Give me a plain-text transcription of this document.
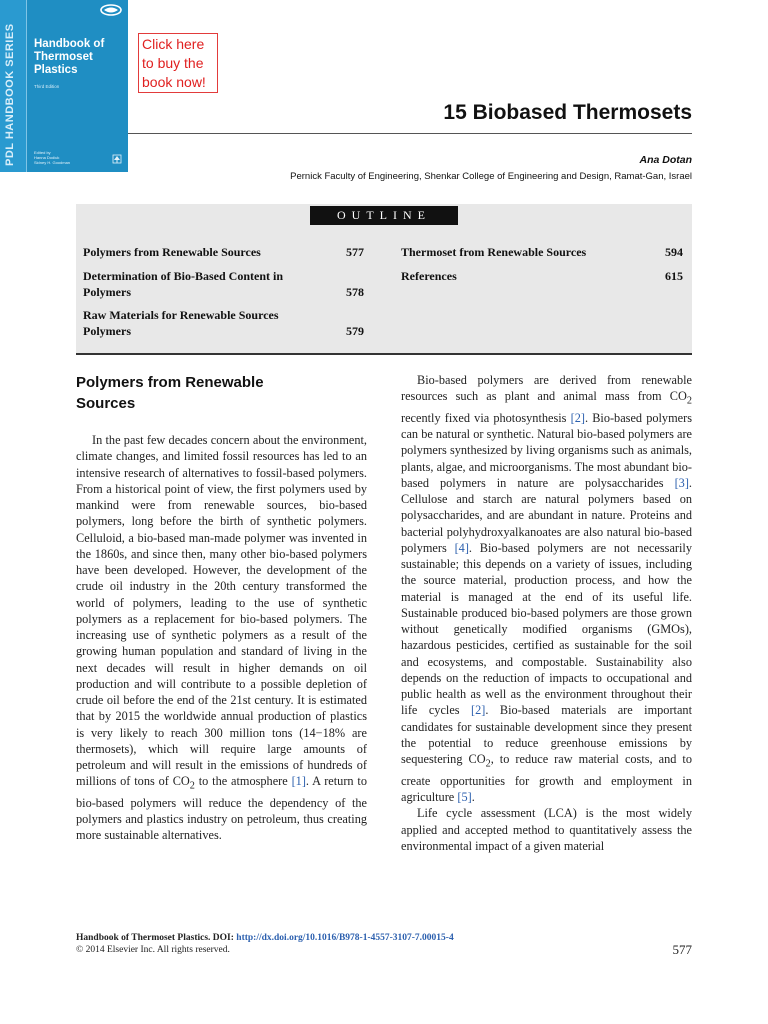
PDL HANDBOOK SERIES Handbook of
Thermoset
Plastics
Third Edition
Edited by
Hanna Dodiuk
Sidney H. Goodman
Click here
to buy the
book now!
15 Biobased Thermosets
Ana Dotan
Pernick Faculty of Engineering, Shenkar College of Engineering and Design, Ramat-Gan, Israel
OUTLINE
Polymers from Renewable Sources	577
Determination of Bio-Based Content in
Polymers	578
Raw Materials for Renewable Sources
Polymers	579
Thermoset from Renewable Sources	594
References	615
Polymers from Renewable
Sources

In the past few decades concern about the environment, climate changes, and limited fossil resources has led to an intensive research of alternatives to fossil-based polymers. From a historical point of view, the first polymers used by mankind were from renewable sources, bio-based polymers, long before the birth of synthetic polymers. Celluloid, a bio-based man-made polymer was invented in the 1860s, and since then, many other bio-based polymers have been developed. However, the development of the crude oil industry in the 20th century transformed the world of polymers, leading to the use of synthetic polymers as a replacement for bio-based polymers. The increasing use of synthetic polymers as a result of the growing human population and standard of living in the next decades will result in higher demands on oil production and will contribute to a possible depletion of crude oil before the end of the 21st century. It is estimated that by 2015 the worldwide annual production of plastics is very likely to reach 300 million tons (14−18% are thermosets), which will require large amounts of petroleum and will result in the emissions of hundreds of millions of tons of $CO_2$ to the atmosphere [1]. A return to bio-based polymers will reduce the dependency of the polymers and plastics industry on petroleum, thus creating more sustainable alternatives.

Bio-based polymers are derived from renewable resources such as plant and animal mass from $CO_2$ recently fixed via photosynthesis [2]. Bio-based polymers can be natural or synthetic. Natural bio-based polymers are polymers synthesized by living organisms such as animals, plants, algae, and microorganisms. The most abundant bio-based polymers in nature are polysaccharides [3]. Cellulose and starch are natural polymers based on polysaccharides, and are abundant in nature. Proteins and bacterial polyhydroxyalkanoates are also natural bio-based polymers [4]. Bio-based polymers are not necessarily sustainable; this depends on a variety of issues, including the source material, production process, and how the material is managed at the end of its useful life. Sustainable produced bio-based polymers are those grown without genetically modified organisms (GMOs), hazardous pesticides, certified as sustainable for the soil and ecosystems, and compostable. Sustainability also depends on the reduction of impacts to occupational and public health as well as the environment throughout their life cycles [2]. Bio-based materials are important candidates for sustainable development since they present the potential to reduce greenhouse emissions by sequestering $CO_2$, to reduce raw material costs, and to create opportunities for growth and employment in agriculture [5].

Life cycle assessment (LCA) is the most widely applied and accepted method to quantitatively assess the environmental impact of a given material

Handbook of Thermoset Plastics. DOI: http://dx.doi.org/10.1016/B978-1-4557-3107-7.00015-4
© 2014 Elsevier Inc. All rights reserved.	577
